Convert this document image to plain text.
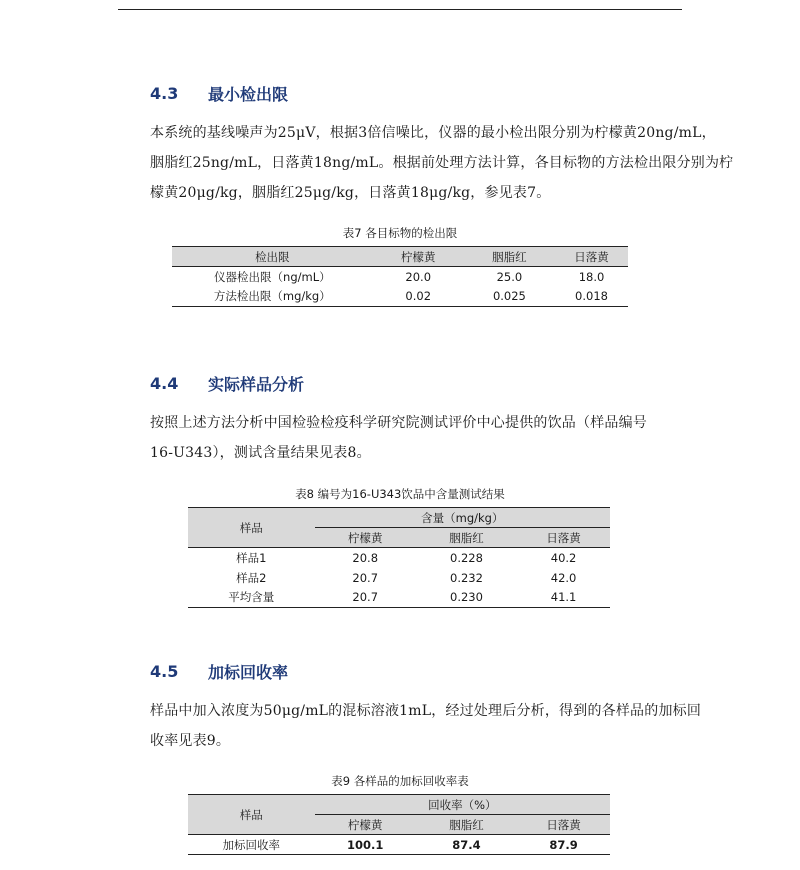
4.3	最小检出限
本系统的基线噪声为25μV，根据3倍信噪比，仪器的最小检出限分别为柠檬黄20ng/mL，
胭脂红25ng/mL，日落黄18ng/mL。根据前处理方法计算，各目标物的方法检出限分别为柠
檬黄20μg/kg，胭脂红25μg/kg，日落黄18μg/kg，参见表7。
表7 各目标物的检出限
检出限	柠檬黄	胭脂红	日落黄
仪器检出限（ng/mL）	20.0	25.0	18.0
方法检出限（mg/kg）	0.02	0.025	0.018
4.4	实际样品分析
按照上述方法分析中国检验检疫科学研究院测试评价中心提供的饮品（样品编号
16-U343），测试含量结果见表8。
表8 编号为16-U343饮品中含量测试结果
样品	含量（mg/kg）		
	柠檬黄	胭脂红	日落黄
样品1	20.8	0.228	40.2
样品2	20.7	0.232	42.0
平均含量	20.7	0.230	41.1
4.5	加标回收率
样品中加入浓度为50μg/mL的混标溶液1mL，经过处理后分析，得到的各样品的加标回
收率见表9。
表9 各样品的加标回收率表
样品	回收率（%）		
	柠檬黄	胭脂红	日落黄
加标回收率	100.1	87.4	87.9
